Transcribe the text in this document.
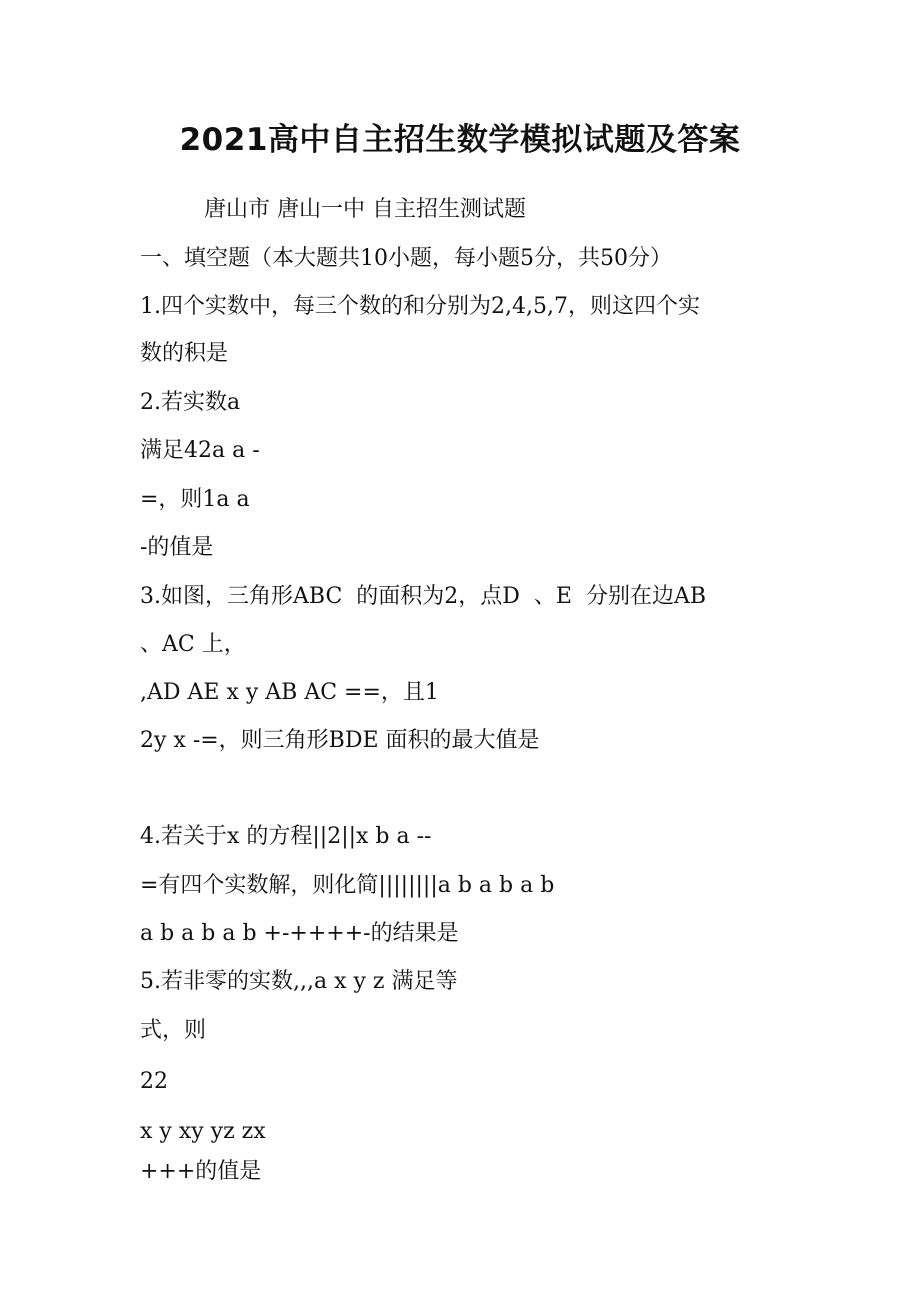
2021高中自主招生数学模拟试题及答案
唐山市 唐山一中 自主招生测试题
一、填空题（本大题共10小题，每小题5分，共50分）
1.四个实数中，每三个数的和分别为2,4,5,7，则这四个实
数的积是
2.若实数a
满足42a a -
=，则1a a
-的值是
3.如图，三角形ABC  的面积为2，点D  、E  分别在边AB
、AC 上，
,AD AE x y AB AC ==，且1
2y x -=，则三角形BDE 面积的最大值是
4.若关于x 的方程||2||x b a --
=有四个实数解，则化简||||||||a b a b a b
a b a b a b +-++++-的结果是
5.若非零的实数,,,a x y z 满足等
式，则
22
x y xy yz zx
+++的值是
